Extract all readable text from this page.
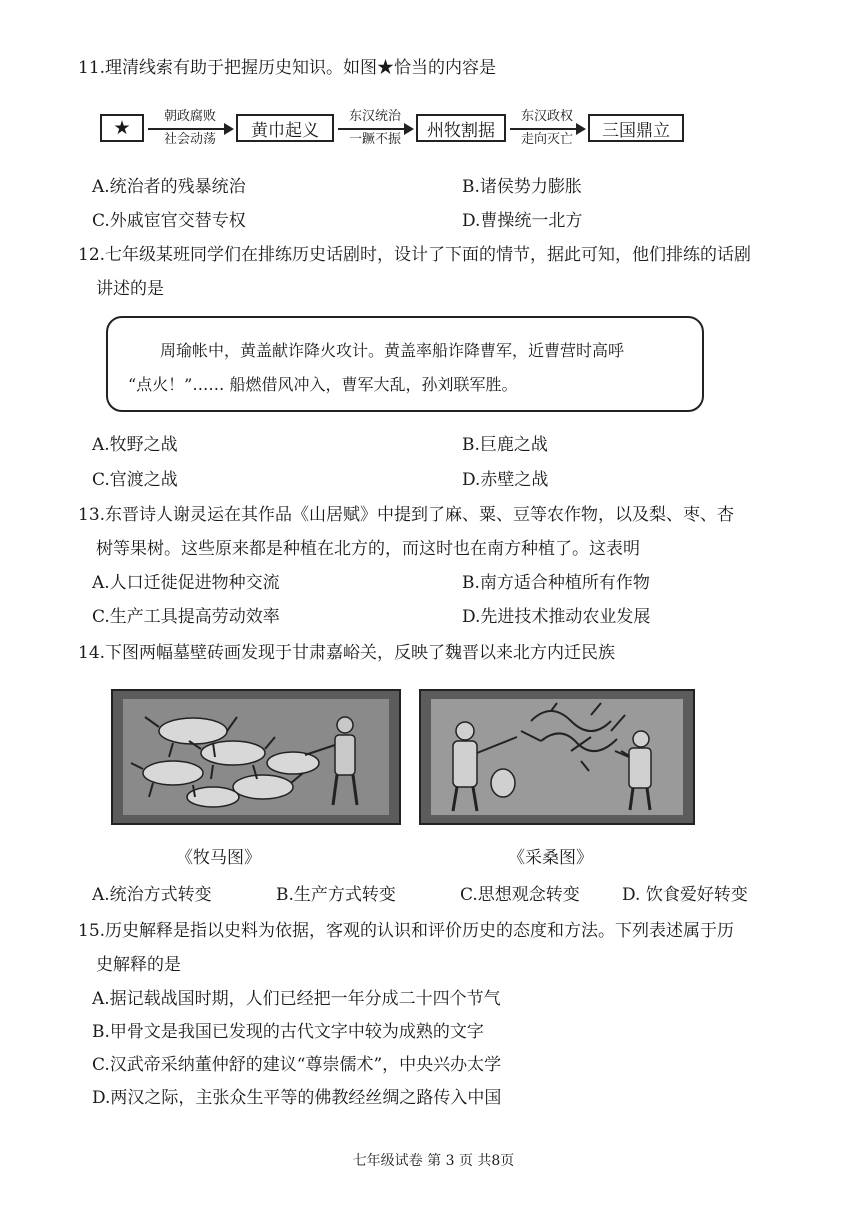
11.理清线索有助于把握历史知识。如图★恰当的内容是
★
朝政腐败
社会动荡	黄巾起义
东汉统治
一蹶不振	州牧割据
东汉政权
走向灭亡	三国鼎立
A.统治者的残暴统治	B.诸侯势力膨胀
C.外戚宦官交替专权	D.曹操统一北方
12.七年级某班同学们在排练历史话剧时，设计了下面的情节，据此可知，他们排练的话剧
讲述的是
周瑜帐中，黄盖献诈降火攻计。黄盖率船诈降曹军，近曹营时高呼
“点火！”…… 船燃借风冲入，曹军大乱，孙刘联军胜。
A.牧野之战	B.巨鹿之战
C.官渡之战	D.赤壁之战
13.东晋诗人谢灵运在其作品《山居赋》中提到了麻、粟、豆等农作物，以及梨、枣、杏
树等果树。这些原来都是种植在北方的，而这时也在南方种植了。这表明
A.人口迁徙促进物种交流	B.南方适合种植所有作物
C.生产工具提高劳动效率	D.先进技术推动农业发展
14.下图两幅墓壁砖画发现于甘肃嘉峪关，反映了魏晋以来北方内迁民族
《牧马图》	《采桑图》
A.统治方式转变	B.生产方式转变	C.思想观念转变 D. 饮食爱好转变
15.历史解释是指以史料为依据，客观的认识和评价历史的态度和方法。下列表述属于历
史解释的是
A.据记载战国时期，人们已经把一年分成二十四个节气
B.甲骨文是我国已发现的古代文字中较为成熟的文字
C.汉武帝采纳董仲舒的建议“尊崇儒术”，中央兴办太学
D.两汉之际，主张众生平等的佛教经丝绸之路传入中国
七年级试卷 第 3 页 共8页
